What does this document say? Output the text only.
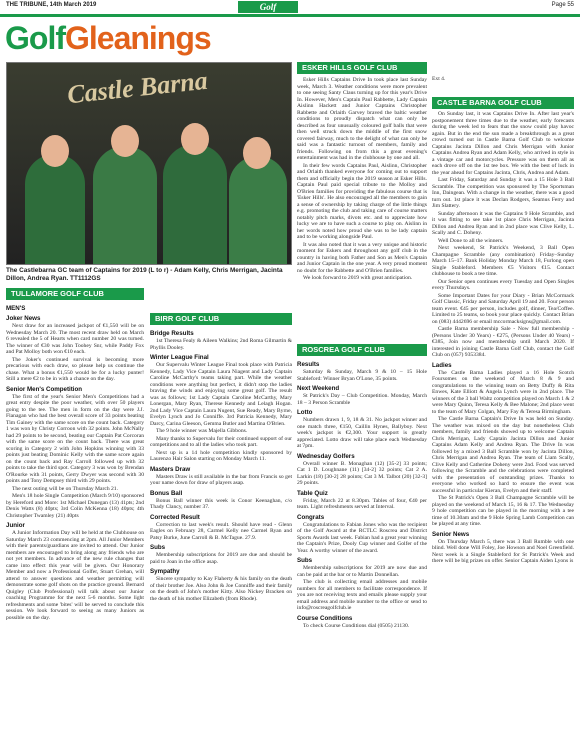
THE TRIBUNE, 14th March 2019	Golf	Page 55
GolfGleanings
Castle Barna
The Castlebarna GC team of Captains for 2019 (L to r) - Adam Kelly, Chris Merrigan, Jacinta Dillon, Andrea Ryan. TT1112GS
TULLAMORE GOLF CLUB
MEN'S
Joker News

Next draw for an increased jackpot of €1,550 will be on Wednesday March 20. The most recent draw held on March 6 revealed the 5 of Hearts when card number 20 was turned. The winner of €30 was John Toohey Snr, while Paddy Fox and Pat Molloy both won €10 each.

The Joker's continued survival is becoming more precarious with each draw, so please help us continue the chase. What a bonus €1,550 would be for a lucky punter! Still a mere €2 to be in with a chance on the day.

Senior Men's Competition

The first of the year's Senior Men's Competitions had a great entry despite the poor weather, with over 50 players going to the tee. The men in form on the day were J.J. Flanagan who had the best overall score of 33 points beating Tim Gainey with the same score on the count back. Category 1 was won by Christy Corroon with 32 points. John McNally had 29 points to be second, beating our Captain Pat Corcoran with the same score on the count back. There was great scoring in Category 2 with John Hopkins winning with 33 points just beating Dominic Kelly with the same score again on the count back and Ray Carroll followed up with 32 points to take the third spot. Category 3 was won by Brendan O'Rourke with 31 points, Gerry Dwyer was second with 30 points and Tony Dempsey third with 29 points.

The next outing will be on Thursday March 21.

Men's 18 hole Single Competition (March 9/10) sponsored by Hereford and More: 1st Michael Dunegan (13) 41pts; 2nd Denis Watts (8) 40pts; 3rd Colin McKenna (18) 40pts; 4th Christopher Twamley (21) 40pts

Junior

A Junior Information Day will be held at the Clubhouse on Saturday March 23 commencing at 2pm. All Junior Members with their parents/guardians are invited to attend. Our Junior members are encouraged to bring along any friends who are not yet members. In advance of the new rule changes that came into effect this year will be given. Our Honorary Member and now a Professional Golfer, Stuart Grehan, will attend to answer questions and weather permitting will demonstrate some golf shots on the practice ground. Bernard Quigley (Club Professional) will talk about our Junior coaching Programme for the next 5-6 months. Some light refreshments and some 'bites' will be served to conclude this session. We look forward to seeing as many Juniors as possible on the day.

BIRR GOLF CLUB
Bridge Results

1st Theresa Fealy & Aileen Walkins; 2nd Roma Gilmartin & Phyllis Dooley.

Winter League Final

Our Supervalu Winter League Final took place with Patricia Kennedy, Lady Vice Captain Laura Niagent and Lady Captain Caroline McCarthy's teams taking part. While the weather conditions were anything but perfect, it didn't stop the ladies braving the winds and enjoying some great golf. The result was as follows; 1st Lady Captain Caroline McCarthy, Mary Lonergan, Mary Ryan, Therese Kennedy and Lelagh Hogan. 2nd Lady Vice Captain Laura Nugent, Sue Ready, Mary Byrne, Evelyn Lynch and Jo Conniffe. 3rd Patricia Kennedy, Mary Darcy, Carina Gleeson, Gemma Butler and Martina O'Brien.

The 9 hole winner was Majella Gibbons.

Many thanks to Supervalu for their continued support of our competitions and to all the ladies who took part.

Next up is a 14 hole competition kindly sponsored by Laurenzo Hair Salon starting on Monday March 11.

Masters Draw

Masters Draw is still available in the bar from Francis so get your name down for draw of players asap.

Bonus Ball

Bonus Ball winner this week is Conor Keenaghan, c/o Thady Clancy, number 37.

Corrected Result

Correction to last week's result. Should have read - Glenn Eagles on February 28, Carmel Kelly nee Carmel Ryan and Patsy Burke, June Carroll & B. McTague. 27.9.

Subs

Membership subscriptions for 2019 are due and should be paid to Joan in the office asap.

Sympathy

Sincere sympathy to Kay Flaherty & his family on the death of their brother Joe. Also John & Joe Conniffe and their family on the death of John's mother Kitty. Also Nickey Bracken on the death of his mother Elizabeth (from Rhode).

ESKER HILLS GOLF CLUB

Esker Hills Captains Drive In took place last Sunday week, March 3. Weather conditions were more prevalent to one seeing Santy Claus turning up for this year's Drive In. However, Men's Captain Paul Rabbette, Lady Captain Aislinn Hackett and Junior Captains Christopher Rabbette and Orlaith Garvey braved the baltic weather conditions to proudly dispatch what can only be described as four unusually coloured golf balls that were then well struck down the middle of the first snow covered fairway, much to the delight of what can only be said was a fantastic turnout of members, family and friends. Following on from this a great evening's entertainment was had in the clubhouse by one and all.

In their few words Captains Paul, Aislinn, Christopher and Orlaith thanked everyone for coming out to support them and officially begin the 2019 season at Esker Hills. Captain Paul paid special tribute to the Molloy and O'Brien families for providing the fabulous course that is 'Esker Hills'. He also encouraged all the members to gain a sense of ownership by taking charge of the little things e.g. promoting the club and taking care of course matters notably pitch marks, divots etc. and to appreciate how lucky we are to have such a course to play on. Aislinn in her words noted how proud she was to be lady captain and to be working alongside Paul.

It was also noted that it was a very unique and historic moment for Eskers and throughout any golf club in the country in having both Father and Son as Men's Captain and Junior Captain in the one year. A very proud moment no doubt for the Rabbette and O'Brien families.

We look forward to 2019 with great anticipation.

ROSCREA GOLF CLUB
Results

Saturday & Sunday, March 9 & 10 – 15 Hole Stableford: Winner Bryan O'Lone, 35 points.

Next Weekend

St Patrick's Day – Club Competition. Monday, March 18 – 3 Person Scramble

Lotto

Numbers drawn 1, 9, 18 & 31. No jackpot winner and one match three, €150, Caillin Hynes, Ballyboy. Next week's jackpot is €2,300. Your support is greatly appreciated. Lotto draw will take place each Wednesday at 7pm.

Wednesday Golfers

Overall winner B. Monaghan (12) [35-2] 33 points; Cat 1 D. Loughnane (11) [34-2] 32 points; Cat 2 A. Larkin (18) [30-2] 28 points; Cat 3 M. Talbot (20) [32-3] 29 points.

Table Quiz

Friday, March 22 at 8.30pm. Tables of four, €40 per team. Light refreshments served at Interval.

Congrats

Congratulations to Fabian Jones who was the recipient of the Golf Award at the RCTLC Roscrea and District Sports Awards last week. Fabian had a great year winning the Captain's Prize, Dooly Cup winner and Golfer of the Year. A worthy winner of the award.

Subs

Membership subscriptions for 2019 are now due and can be paid at the bar or to Martin Donnellan.

The club is collecting email addresses and mobile numbers for all members to facilitate correspondence. If you are not receiving texts and emails please supply your email address and mobile number to the office or send to info@roscreagolfclub.ie

Course Conditions

To check Course Conditions dial (0505) 21130.

Ext 4.
CASTLE BARNA GOLF CLUB

On Sunday last, it was Captains Drive In. After last year's postponement three times due to the weather, early forecasts during the week led to fears that the snow could play havoc again. But in the end the sun made a breakthrough as a great crowd turned out in Castle Barna Golf Club to welcome Captains Jacinta Dillon and Chris Merrigan with Junior Captains Andrea Ryan and Adam Kelly, who arrived in style in a vintage car and motorcycles. Pressure was on them all as each drove off on the 1st tee box. We with the best of luck in the year ahead for Captains Jacinta, Chris, Andrea and Adam.

Last Friday, Saturday and Sunday it was a 15 Hole 3 Ball Scramble. The competition was sponsored by The Sportsman Inn, Daingean. With a change in the weather, there was a good turn out. 1st place it was Declan Rodgers, Seamus Ferry and Jim Slattery.

Sunday afternoon it was the Captains 9 Hole Scramble, and it was fitting to see take 1st place Chris Merrigan, Jacinta Dillon and Andrea Ryan and in 2nd place was Clive Kelly, L. Scally and C. Doheny.

Well Done to all the winners.

Next weekend, St Patrick's Weekend, 3 Ball Open Champagne Scramble (any combination) Friday–Sunday March 15–17. Bank Holiday Monday March 18, Furlong open Single Stableford. Members €5 Visitors €15. Contact clubhouse to book a tee time.

Our Senior open continues every Tuesday and Open Singles every Thursdays.

Some Important Dates for your Diary - Brian McCormack Golf Classic, Friday and Saturday April 19 and 20. Four person team event. €45 per person, includes golf, dinner, Tea/Coffee. Limited to 25 teams, so book your place quickly. Contact Brian on (083) 4442696 or email mccormacksigns@gmail.com.

Castle Barna membership Sale - Now full membership - (Persons Under 30 Years) - €275, (Persons Under 40 Years) - €385, Join now and membership until March 2020. If interested in joining Castle Barna Golf Club, contact the Golf Club on (057) 9353384.

Ladies

The Castle Barna Ladies played a 16 Hole Scotch Foursomes on the weekend of March 8 & 9 and congratulations to the winning team on Betty Duffy & Rita Enwes, Kate Elliott & Angela Lynch were in 2nd place. The winners of the 3 ball Waltz competition played on March 1 & 2 were Mary Quinn, Teresa Kelly & Bee Malone; 2nd place went to the team of Mary Colgan, Mary Fay & Teresa Birmingham.

The Castle Barna Captain's Drive In was held on Sunday. The weather was mixed on the day but nonetheless Club members, family and friends showed up to welcome Captain Chris Merrigan, Lady Captain Jacinta Dillon and Junior Captains Adam Kelly and Andrea Ryan. The Drive In was followed by a mixed 3 Ball Scramble won by Jacinta Dillon, Chris Merrigan and Andrea Ryan. The team of Liam Scally, Clive Kelly and Catherine Doheny were 2nd. Food was served following the Scramble and the celebrations were completed with the presentation of outstanding prizes. Thanks to everyone who worked so hard to ensure the event was successful in particular Kieran, Evelyn and their staff.

The St Patrick's Open 3 Ball Champagne Scramble will be played on the weekend of March 15, 16 & 17. The Wednesday 9 hole competition can be played in the morning with a tee time of 10.30am and the 9 Hole Spring Lamb Competition can be played at any time.

Senior News

On Thursday March 5, there was 3 Ball Rumble with one blind. Well done Will Foley, Joe Howson and Noel Greenfield. Next week is a Single Stableford for St Patrick's Week and there will be big prizes on offer. Senior Captain Aiden Lyons is
